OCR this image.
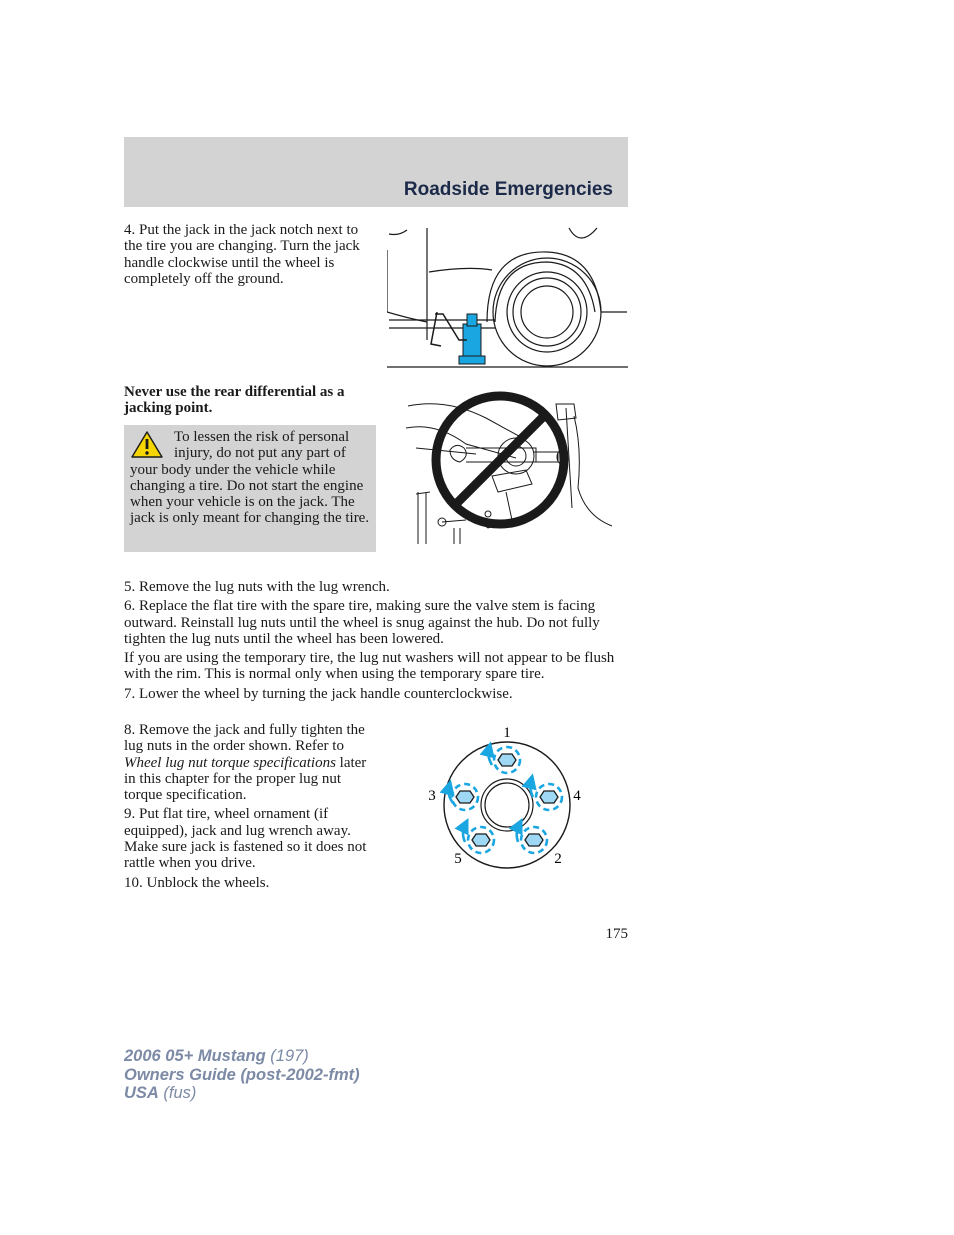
Roadside Emergencies

4. Put the jack in the jack notch next to the tire you are changing. Turn the jack handle clockwise until the wheel is completely off the ground.

Never use the rear differential as a jacking point.
To lessen the risk of personal injury, do not put any part of your body under the vehicle while changing a tire. Do not start the engine when your vehicle is on the jack. The jack is only meant for changing the tire.

5. Remove the lug nuts with the lug wrench.

6. Replace the flat tire with the spare tire, making sure the valve stem is facing outward. Reinstall lug nuts until the wheel is snug against the hub. Do not fully tighten the lug nuts until the wheel has been lowered.

If you are using the temporary tire, the lug nut washers will not appear to be flush with the rim. This is normal only when using the temporary spare tire.

7. Lower the wheel by turning the jack handle counterclockwise.

8. Remove the jack and fully tighten the lug nuts in the order shown. Refer to Wheel lug nut torque specifications later in this chapter for the proper lug nut torque specification.

9. Put flat tire, wheel ornament (if equipped), jack and lug wrench away. Make sure jack is fastened so it does not rattle when you drive.

10. Unblock the wheels.

1
4
2
5
3
175
2006 05+ Mustang (197)
Owners Guide (post-2002-fmt)
USA (fus)
